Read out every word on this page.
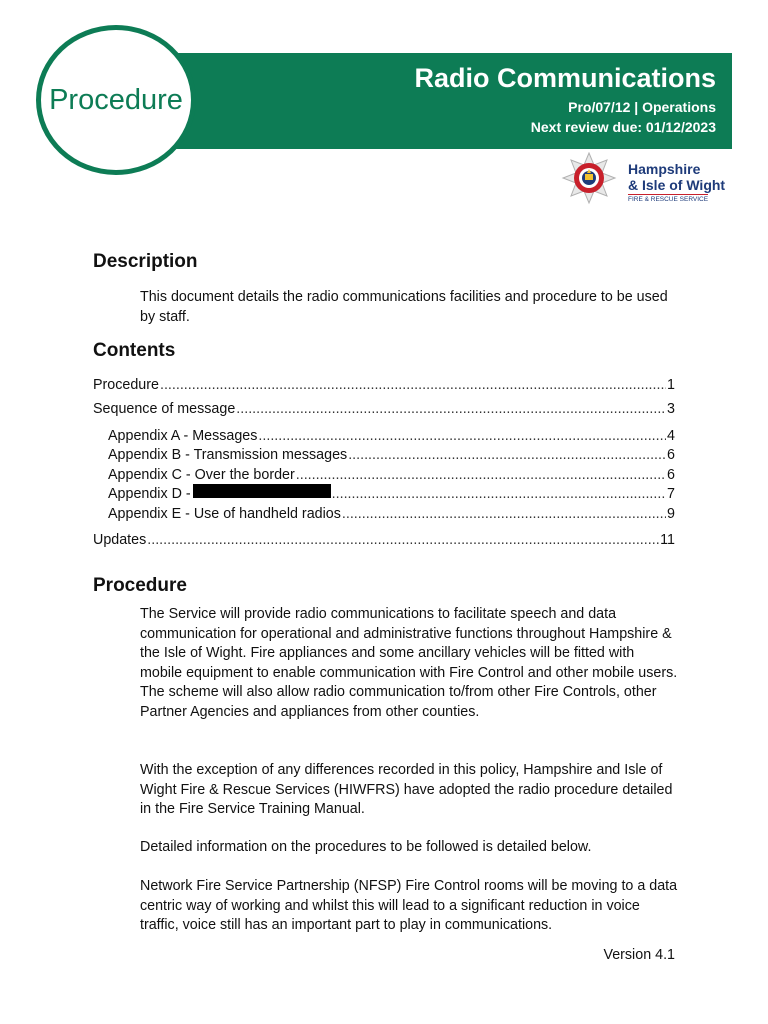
Radio Communications
Pro/07/12 | Operations
Next review due: 01/12/2023
Procedure
Hampshire
& Isle of Wight
FIRE & RESCUE SERVICE
Description

This document details the radio communications facilities and procedure to be used by staff.

Contents
Procedure .....	1
Sequence of message .....	3
Appendix A - Messages .....	4
Appendix B - Transmission messages .....	6
Appendix C - Over the border .....	6
Appendix D - .....	7
Appendix E - Use of handheld radios .....	9
Updates .....	11
Procedure

The Service will provide radio communications to facilitate speech and data communication for operational and administrative functions throughout Hampshire & the Isle of Wight. Fire appliances and some ancillary vehicles will be fitted with mobile equipment to enable communication with Fire Control and other mobile users. The scheme will also allow radio communication to/from other Fire Controls, other Partner Agencies and appliances from other counties.

With the exception of any differences recorded in this policy, Hampshire and Isle of Wight Fire & Rescue Services (HIWFRS) have adopted the radio procedure detailed in the Fire Service Training Manual.

Detailed information on the procedures to be followed is detailed below.

Network Fire Service Partnership (NFSP) Fire Control rooms will be moving to a data centric way of working and whilst this will lead to a significant reduction in voice traffic, voice still has an important part to play in communications.

Version 4.1
